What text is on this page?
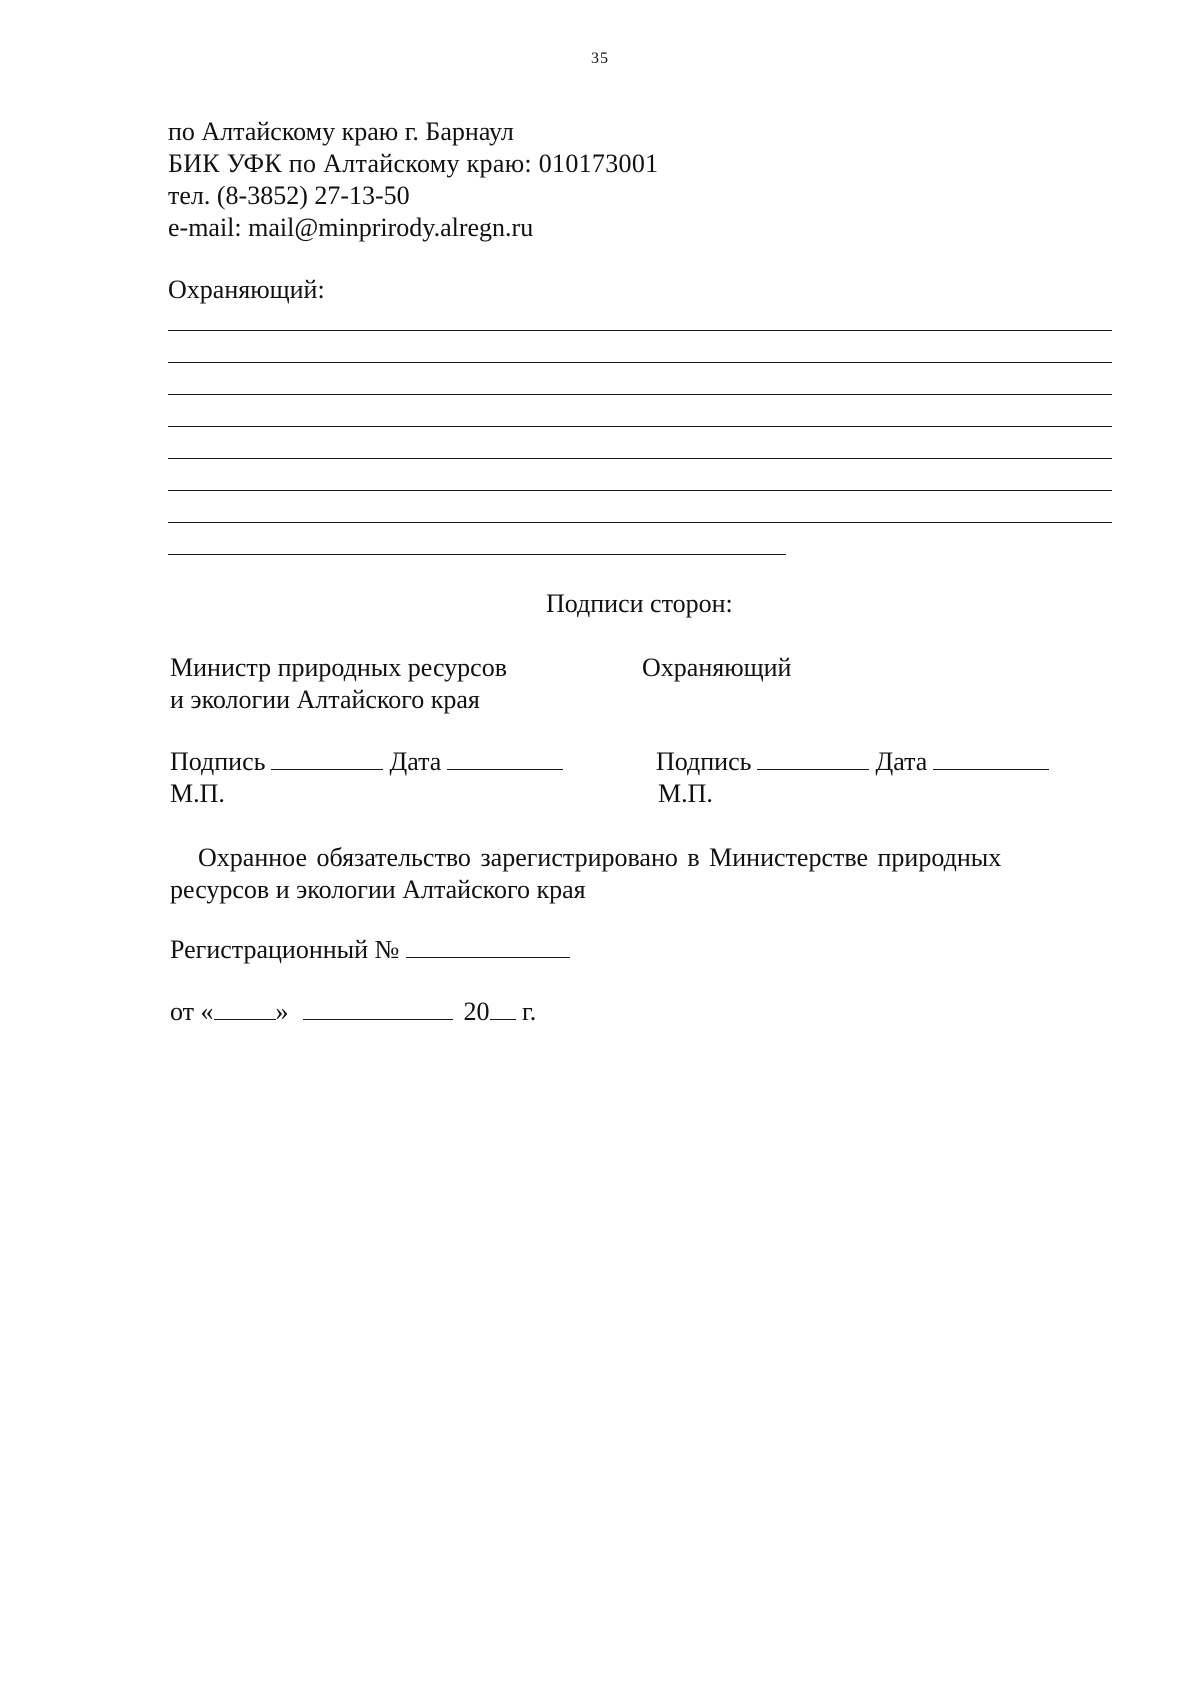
35
по Алтайскому краю г. Барнаул
БИК УФК по Алтайскому краю: 010173001
тел. (8-3852) 27-13-50
e-mail: mail@minprirody.alregn.ru
Охраняющий:
Подписи сторон:
Министр природных ресурсов
и экологии Алтайского края
Охраняющий
Подпись	Дата
М.П.
Подпись	Дата
М.П.
Охранное обязательство зарегистрировано в Министерстве природных
ресурсов и экологии Алтайского края
Регистрационный №
от « »	20 г.
